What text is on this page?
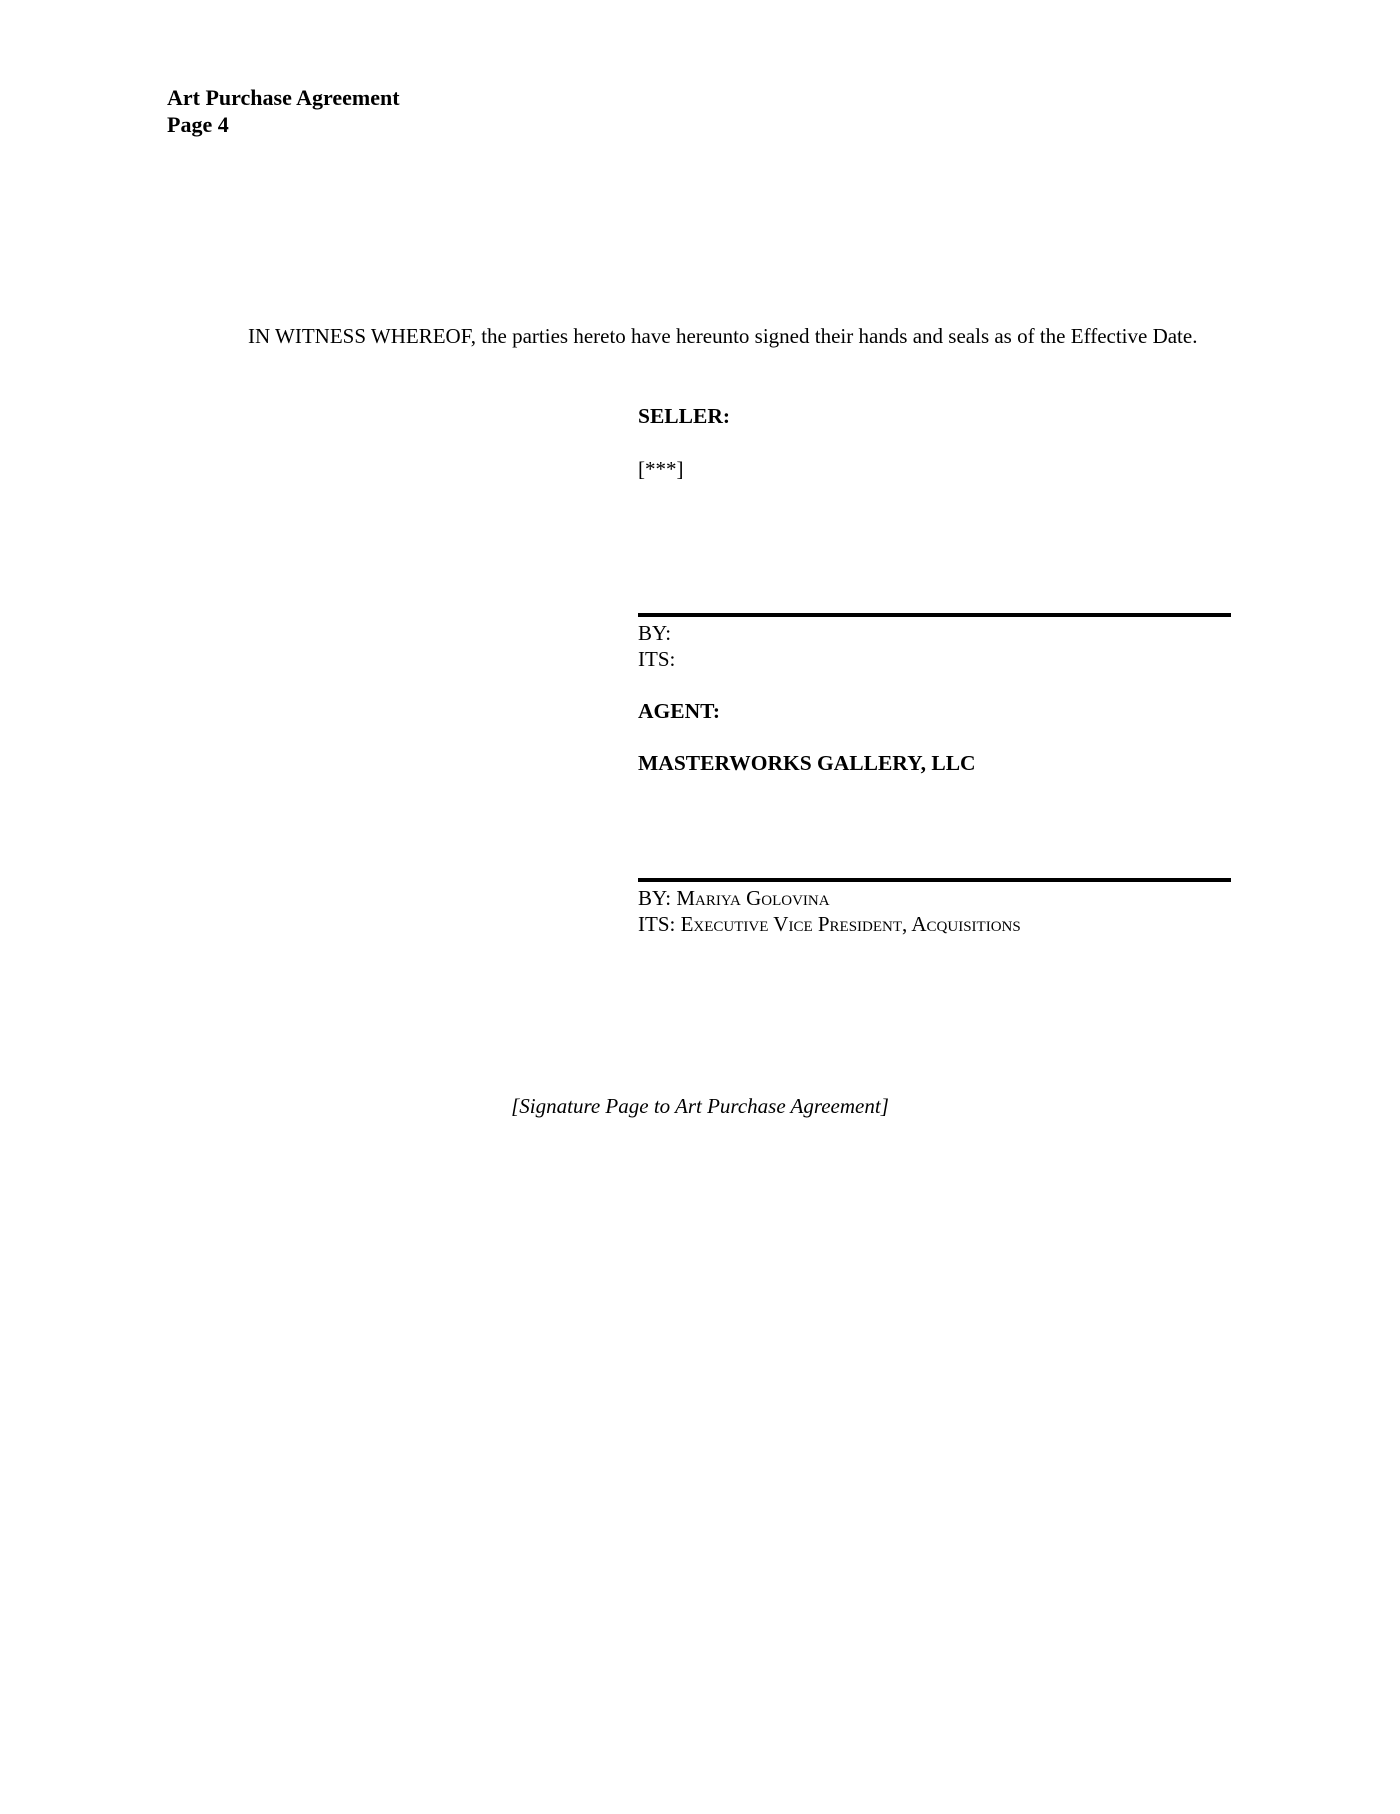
Art Purchase Agreement
Page 4

IN WITNESS WHEREOF, the parties hereto have hereunto signed their hands and seals as of the Effective Date.

SELLER:
[***]
BY:
ITS:
AGENT:
MASTERWORKS GALLERY, LLC
BY: Mariya Golovina
ITS: Executive Vice President, Acquisitions
[Signature Page to Art Purchase Agreement]
